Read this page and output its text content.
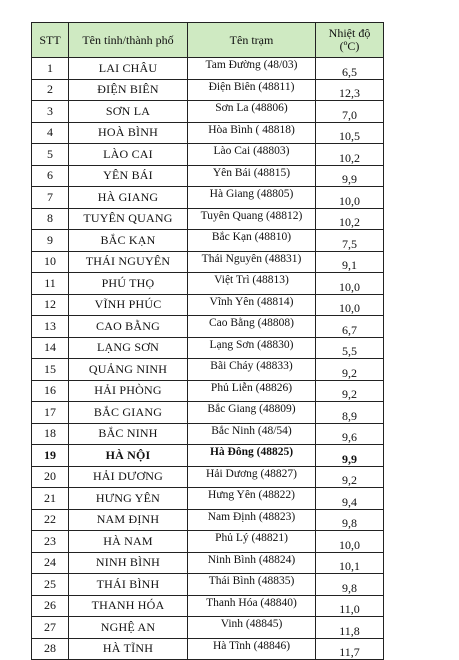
STT	Tên tỉnh/thành phố	Tên trạm	Nhiệt độ
(ºC)
1	LAI CHÂU	Tam Đường (48/03)	6,5
2	ĐIỆN BIÊN	Điện Biên (48811)	12,3
3	SƠN LA	Sơn La (48806)	7,0
4	HOÀ BÌNH	Hòa Bình ( 48818)	10,5
5	LÀO CAI	Lào Cai (48803)	10,2
6	YÊN BÁI	Yên Bái (48815)	9,9
7	HÀ GIANG	Hà Giang (48805)	10,0
8	TUYÊN QUANG	Tuyên Quang (48812)	10,2
9	BẮC KẠN	Bắc Kạn (48810)	7,5
10	THÁI NGUYÊN	Thái Nguyên (48831)	9,1
11	PHÚ THỌ	Việt Trì (48813)	10,0
12	VĨNH PHÚC	Vĩnh Yên (48814)	10,0
13	CAO BẰNG	Cao Bằng (48808)	6,7
14	LẠNG SƠN	Lạng Sơn (48830)	5,5
15	QUẢNG NINH	Bãi Cháy (48833)	9,2
16	HẢI PHÒNG	Phủ Liễn (48826)	9,2
17	BẮC GIANG	Bắc Giang (48809)	8,9
18	BẮC NINH	Bắc Ninh (48/54)	9,6
19	HÀ NỘI	Hà Đông (48825)	9,9
20	HẢI DƯƠNG	Hải Dương (48827)	9,2
21	HƯNG YÊN	Hưng Yên (48822)	9,4
22	NAM ĐỊNH	Nam Định (48823)	9,8
23	HÀ NAM	Phủ Lý (48821)	10,0
24	NINH BÌNH	Ninh Bình (48824)	10,1
25	THÁI BÌNH	Thái Bình (48835)	9,8
26	THANH HÓA	Thanh Hóa (48840)	11,0
27	NGHỆ AN	Vinh (48845)	11,8
28	HÀ TĨNH	Hà Tĩnh (48846)	11,7
